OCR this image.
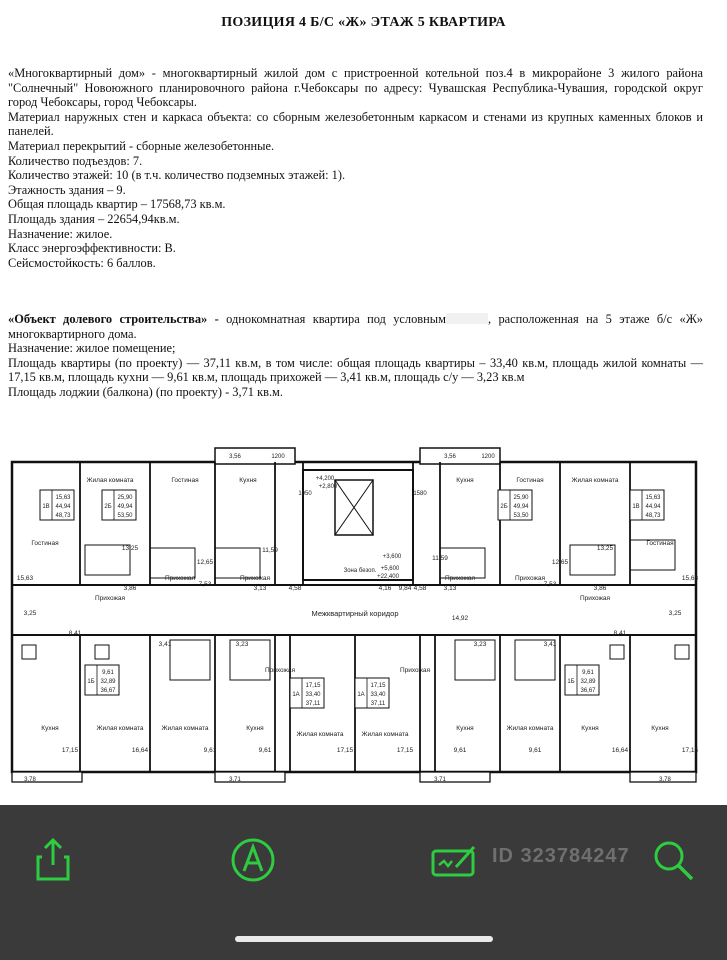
ПОЗИЦИЯ 4 Б/С «Ж» ЭТАЖ 5 КВАРТИРА

«Многоквартирный дом» - многоквартирный жилой дом с пристроенной котельной поз.4 в микрорайоне 3 жилого района "Солнечный" Новоюжного планировочного района г.Чебоксары по адресу: Чувашская Республика-Чувашия, городской округ город Чебоксары, город Чебоксары.

Материал наружных стен и каркаса объекта: со сборным железобетонным каркасом и стенами из крупных каменных блоков и панелей.

Материал перекрытий - сборные железобетонные.

Количество подъездов: 7.

Количество этажей: 10 (в т.ч. количество подземных этажей: 1).

Этажность здания – 9.

Общая площадь квартир – 17568,73 кв.м.

Площадь здания – 22654,94кв.м.

Назначение: жилое.

Класс энергоэффективности: В.

Сейсмостойкость: 6 баллов.

«Объект долевого строительства» - однокомнатная квартира под условным	, расположенная на 5 этаже б/с «Ж» многоквартирного дома.

Назначение: жилое помещение;

Площадь квартиры (по проекту) — 37,11 кв.м, в том числе: общая площадь квартиры – 33,40 кв.м, площадь жилой комнаты — 17,15 кв.м, площадь кухни — 9,61 кв.м, площадь прихожей — 3,41 кв.м, площадь с/у — 3,23 кв.м

Площадь лоджии (балкона) (по проекту) - 3,71 кв.м.

Межквартирный коридор
1В
15,63
44,94
48,73
2Б
25,90
49,94
53,50
2Б
25,90
49,94
53,50
1В
15,63
44,94
48,73
1Б
9,61
32,89
36,67
1А
17,15
33,40
37,11
1А
17,15
33,40
37,11
1Б
9,61
32,89
36,67
Жилая комната	Гостиная	Кухня	Кухня	Гостиная	Жилая комната
Гостиная	Гостиная
Прихожая	Прихожая	Прихожая	Прихожая
Прихожая	Прихожая
Прихожая
Прихожая
Кухня	Жилая комната	Жилая комната
Жилая комната	Жилая комната
Жилая комната	Кухня	Кухня
Кухня	Кухня
15,63
13,25
12,65
11,59
7,53
3,86	3,13	4,58	4,58	3,13
11,59
12,65
7,53
3,86
13,25
15,63
3,25
8,41
3,41	3,23	3,23	3,41
8,41
3,25
14,92
9,84
4,16
17,15	16,64	9,61	9,61	17,15	17,15	9,61	9,61	16,64	17,15
3,78	3,71	3,71	3,78
3,56	1200	3,56	1200
1050
+4,200
+2,800
1580
+3,600
+5,600
+22,400
Зона безоп.
ID 323784247
